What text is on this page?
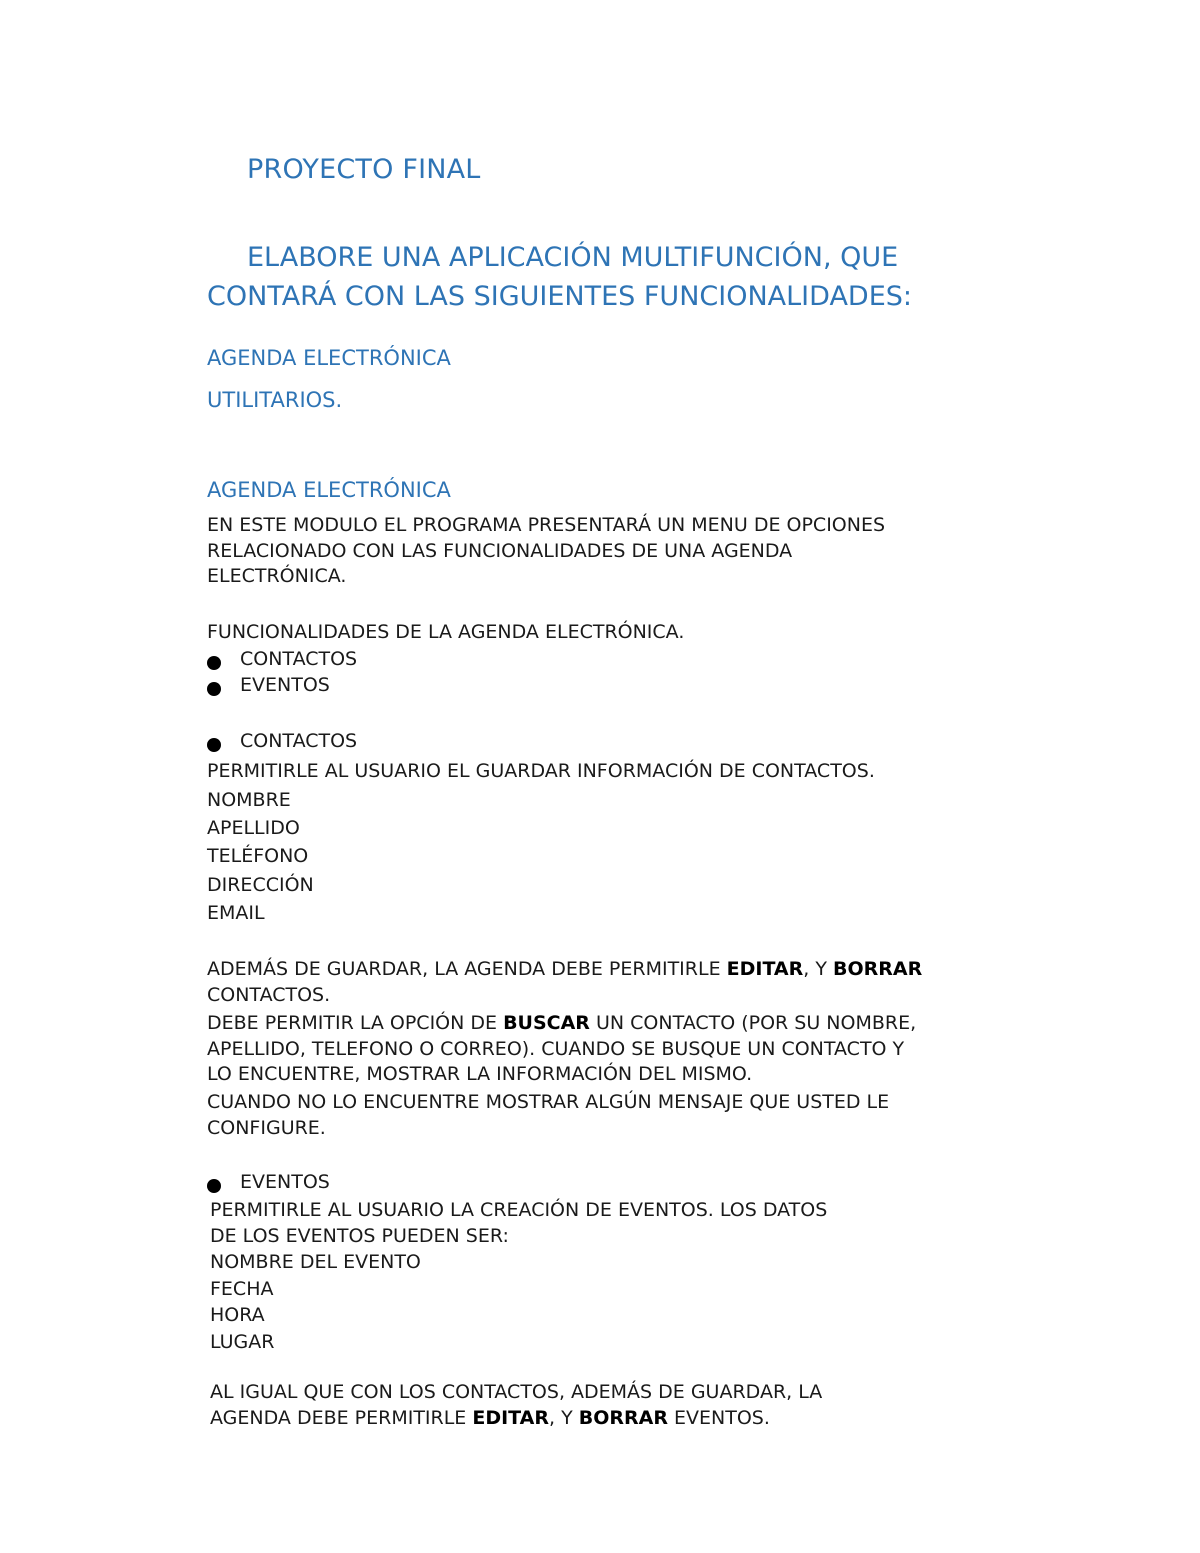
PROYECTO FINAL
ELABORE UNA APLICACIÓN MULTIFUNCIÓN, QUE
CONTARÁ CON LAS SIGUIENTES FUNCIONALIDADES:
AGENDA ELECTRÓNICA
UTILITARIOS.
AGENDA ELECTRÓNICA
EN ESTE MODULO EL PROGRAMA PRESENTARÁ UN MENU DE OPCIONES
RELACIONADO CON LAS FUNCIONALIDADES DE UNA AGENDA
ELECTRÓNICA.
FUNCIONALIDADES DE LA AGENDA ELECTRÓNICA.
CONTACTOS
EVENTOS
CONTACTOS
PERMITIRLE AL USUARIO EL GUARDAR INFORMACIÓN DE CONTACTOS.
NOMBRE
APELLIDO
TELÉFONO
DIRECCIÓN
EMAIL
ADEMÁS DE GUARDAR, LA AGENDA DEBE PERMITIRLE EDITAR, Y BORRAR
CONTACTOS.
DEBE PERMITIR LA OPCIÓN DE BUSCAR UN CONTACTO (POR SU NOMBRE,
APELLIDO, TELEFONO O CORREO). CUANDO SE BUSQUE UN CONTACTO Y
LO ENCUENTRE, MOSTRAR LA INFORMACIÓN DEL MISMO.
CUANDO NO LO ENCUENTRE MOSTRAR ALGÚN MENSAJE QUE USTED LE
CONFIGURE.
EVENTOS
PERMITIRLE AL USUARIO LA CREACIÓN DE EVENTOS. LOS DATOS
DE LOS EVENTOS PUEDEN SER:
NOMBRE DEL EVENTO
FECHA
HORA
LUGAR
AL IGUAL QUE CON LOS CONTACTOS, ADEMÁS DE GUARDAR, LA
AGENDA DEBE PERMITIRLE EDITAR, Y BORRAR EVENTOS.
